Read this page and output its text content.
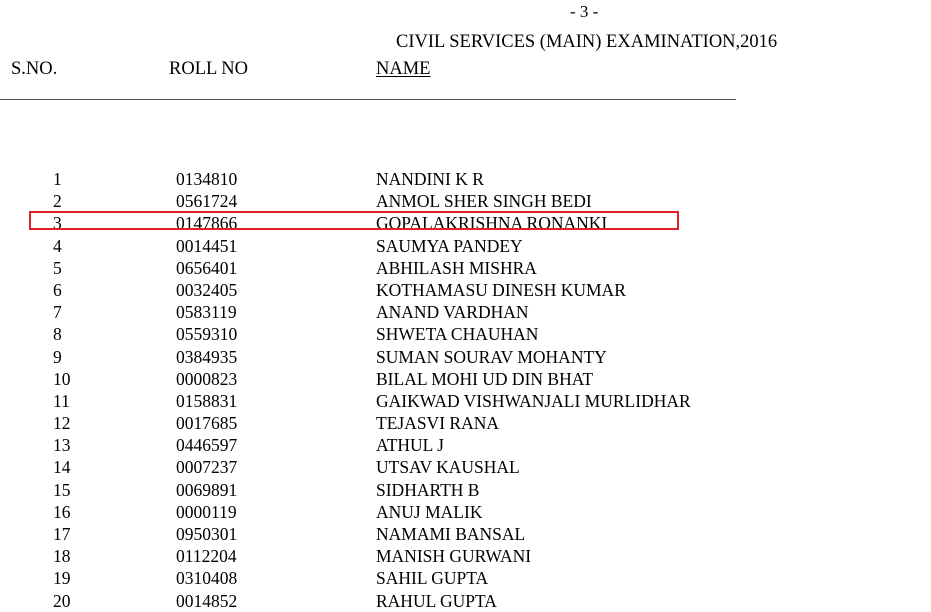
- 3 -
CIVIL SERVICES (MAIN) EXAMINATION,2016
S.NO.	ROLL NO	NAME
1	0134810	NANDINI K R
2	0561724	ANMOL SHER SINGH BEDI
3	0147866	GOPALAKRISHNA RONANKI
4	0014451	SAUMYA PANDEY
5	0656401	ABHILASH MISHRA
6	0032405	KOTHAMASU DINESH KUMAR
7	0583119	ANAND VARDHAN
8	0559310	SHWETA CHAUHAN
9	0384935	SUMAN SOURAV MOHANTY
10	0000823	BILAL MOHI UD DIN BHAT
11	0158831	GAIKWAD VISHWANJALI MURLIDHAR
12	0017685	TEJASVI RANA
13	0446597	ATHUL J
14	0007237	UTSAV KAUSHAL
15	0069891	SIDHARTH B
16	0000119	ANUJ MALIK
17	0950301	NAMAMI BANSAL
18	0112204	MANISH GURWANI
19	0310408	SAHIL GUPTA
20	0014852	RAHUL GUPTA
